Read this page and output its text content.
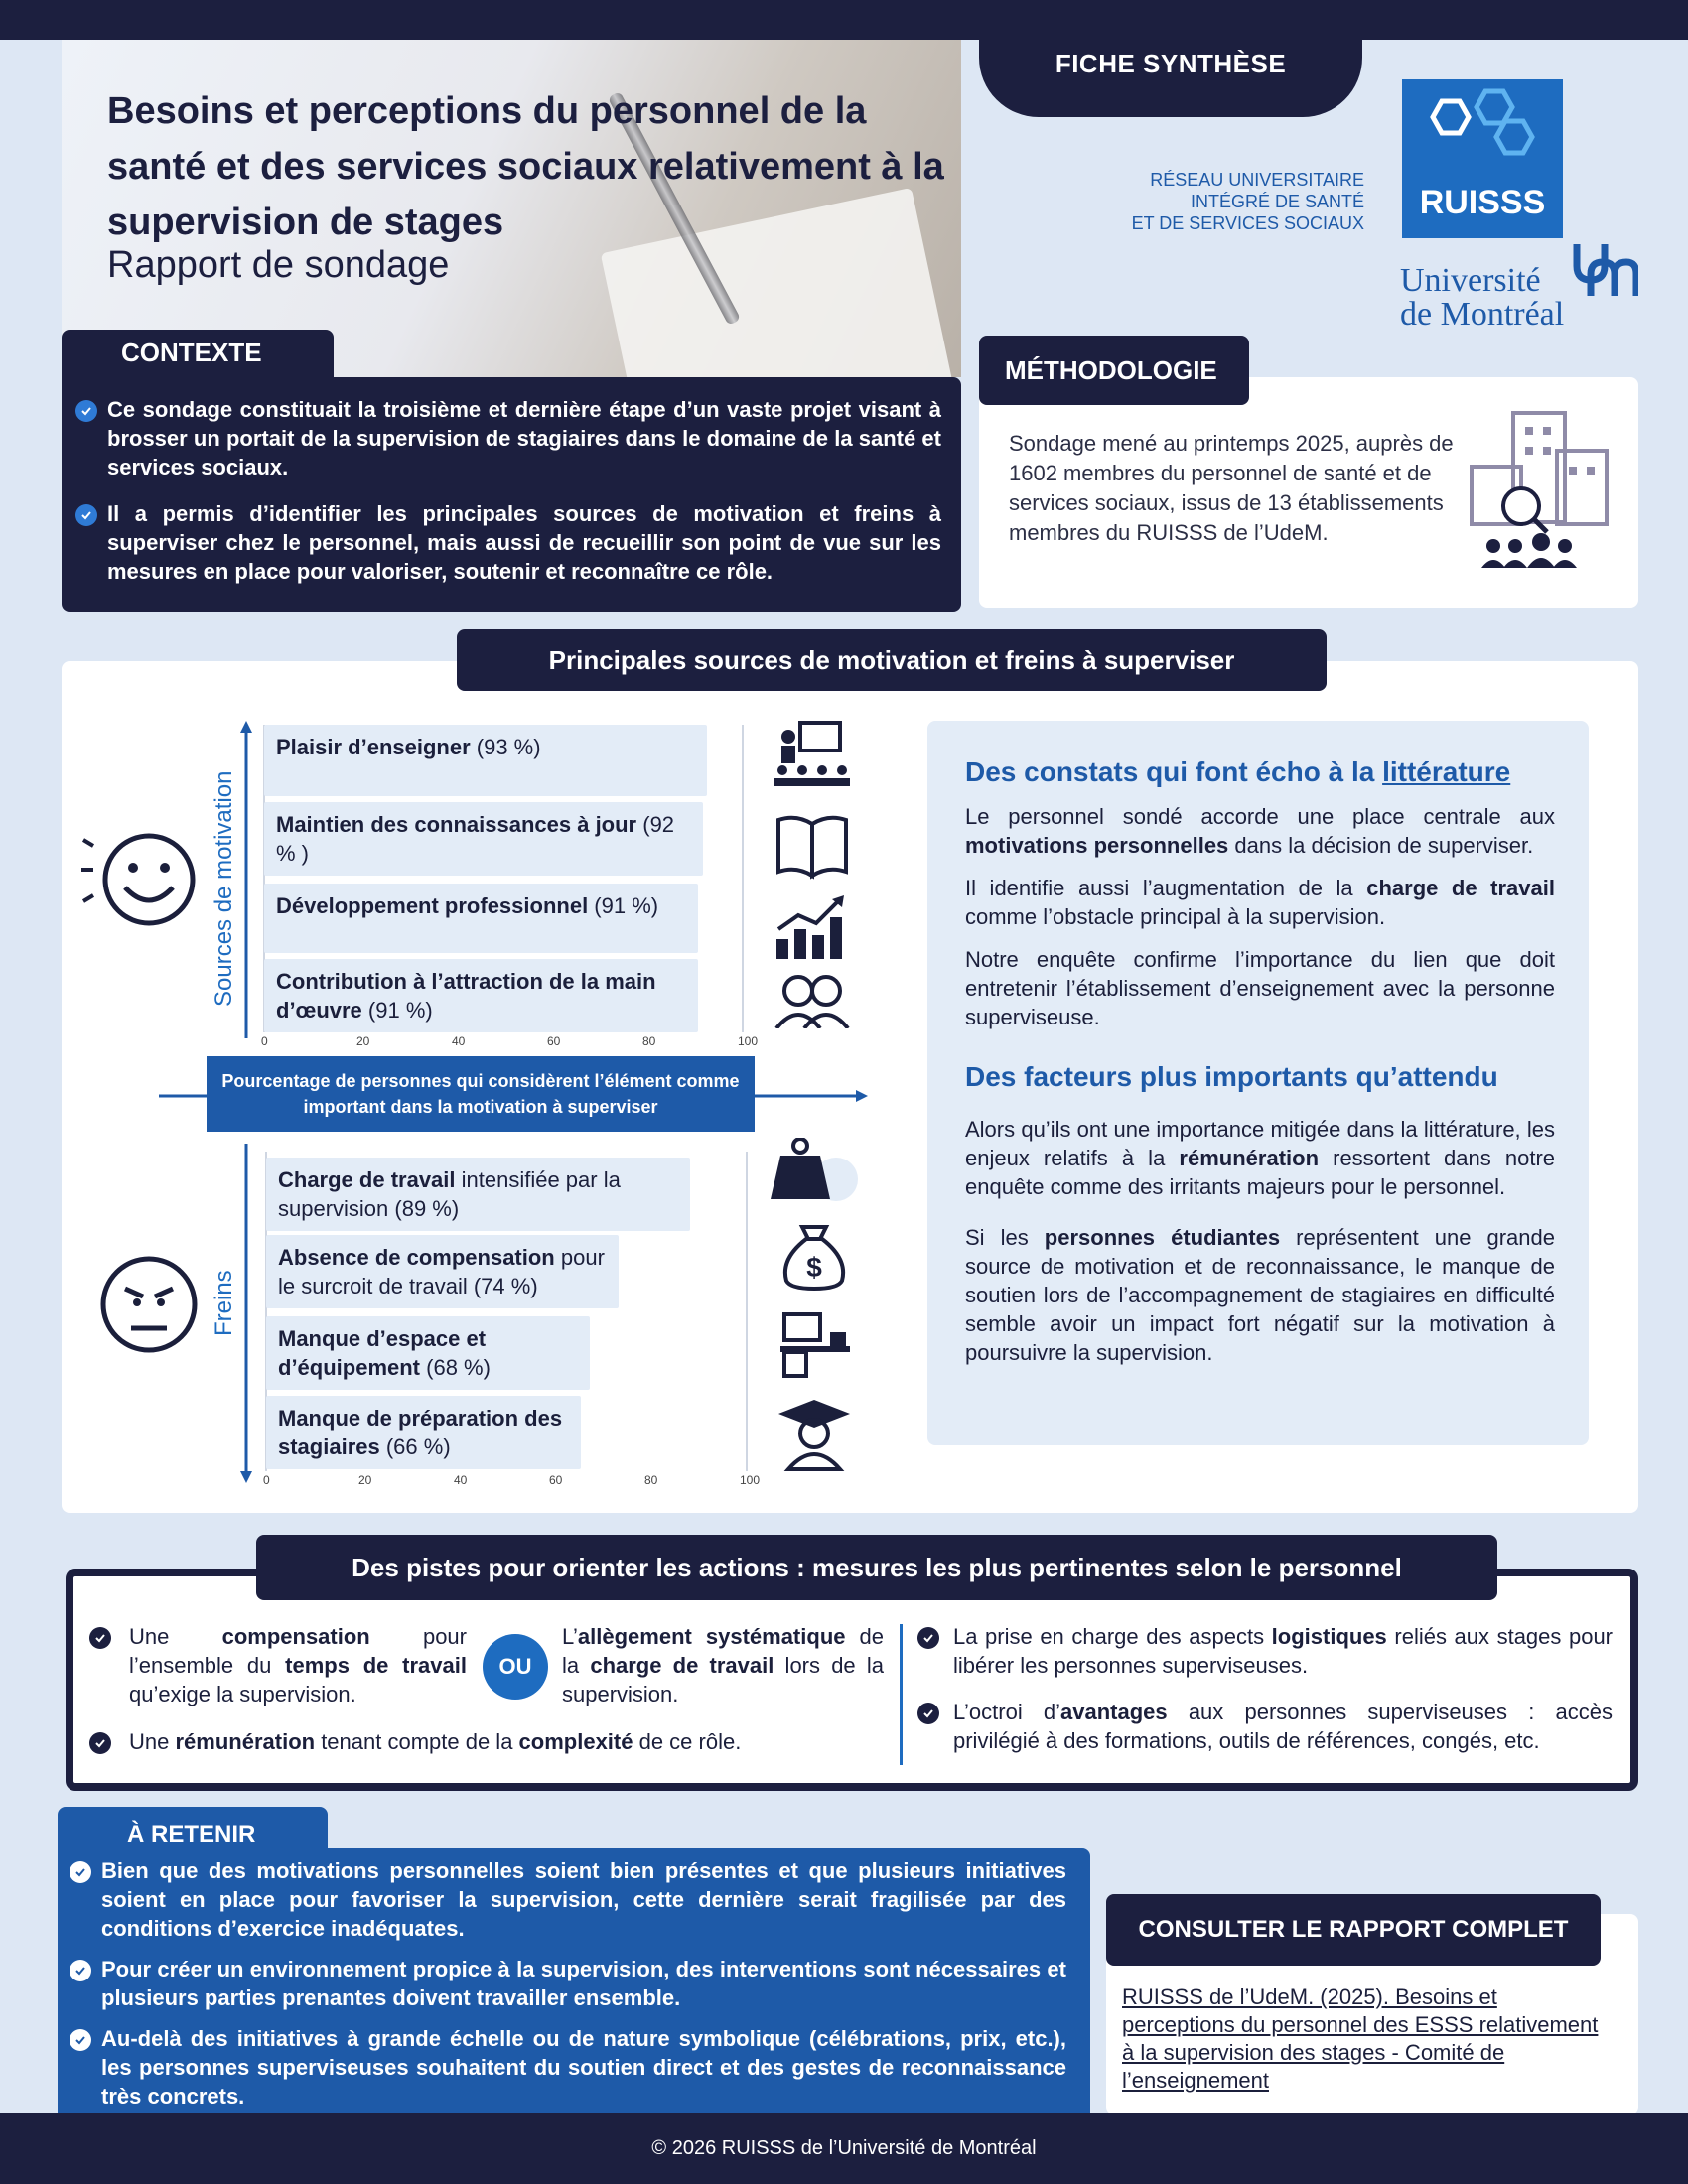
Besoins et perceptions du personnel de la santé et des services sociaux relativement à la supervision de stages
Rapport de sondage
FICHE SYNTHÈSE
RÉSEAU UNIVERSITAIRE
INTÉGRÉ DE SANTÉ
ET DE SERVICES SOCIAUX
RUISSS
Université
de Montréal
CONTEXTE
Ce sondage constituait la troisième et dernière étape d’un vaste projet visant à brosser un portait de la supervision de stagiaires dans le domaine de la santé et services sociaux.
Il a permis d’identifier les principales sources de motivation et freins à superviser chez le personnel, mais aussi de recueillir son point de vue sur les mesures en place pour valoriser, soutenir et reconnaître ce rôle.

Sondage mené au printemps 2025, auprès de 1602 membres du personnel de santé et de services sociaux, issus de 13 établissements membres du RUISSS de l’UdeM.

MÉTHODOLOGIE
Principales sources de motivation et freins à superviser
Sources de motivation
Freins
Plaisir d’enseigner (93 %)
Maintien des connaissances à jour (92 % )
Développement professionnel (91 %)
Contribution à l’attraction de la main d’œuvre (91 %)
Charge de travail intensifiée par la supervision (89 %)
Absence de compensation pour le surcroit de travail (74 %)
Manque d’espace et d’équipement (68 %)
Manque de préparation des stagiaires (66 %)
0	20	40	60	80	100
0	20	40	60	80	100
Pourcentage de personnes qui considèrent l’élément comme important dans la motivation à superviser
$
Des constats qui font écho à la littérature

Le personnel sondé accorde une place centrale aux motivations personnelles dans la décision de superviser.

Il identifie aussi l’augmentation de la charge de travail comme l’obstacle principal à la supervision.

Notre enquête confirme l’importance du lien que doit entretenir l’établissement d’enseignement avec la personne superviseuse.

Des facteurs plus importants qu’attendu

Alors qu’ils ont une importance mitigée dans la littérature, les enjeux relatifs à la rémunération ressortent dans notre enquête comme des irritants majeurs pour le personnel.

Si les personnes étudiantes représentent une grande source de motivation et de reconnaissance, le manque de soutien lors de l’accompagnement de stagiaires en difficulté semble avoir un impact fort négatif sur la motivation à poursuivre la supervision.

Des pistes pour orienter les actions : mesures les plus pertinentes selon le personnel
Une compensation pour l’ensemble du temps de travail qu’exige la supervision.
OU
L’allègement systématique de la charge de travail lors de la supervision.
Une rémunération tenant compte de la complexité de ce rôle.
La prise en charge des aspects logistiques reliés aux stages pour libérer les personnes superviseuses.
L’octroi d’avantages aux personnes superviseuses : accès privilégié à des formations, outils de références, congés, etc.
À RETENIR
Bien que des motivations personnelles soient bien présentes et que plusieurs initiatives soient en place pour favoriser la supervision, cette dernière serait fragilisée par des conditions d’exercice inadéquates.
Pour créer un environnement propice à la supervision, des interventions sont nécessaires et plusieurs parties prenantes doivent travailler ensemble.
Au-delà des initiatives à grande échelle ou de nature symbolique (célébrations, prix, etc.), les personnes superviseuses souhaitent du soutien direct et des gestes de reconnaissance très concrets.
RUISSS de l’UdeM. (2025). Besoins et perceptions du personnel des ESSS relativement à la supervision des stages - Comité de l’enseignement
CONSULTER LE RAPPORT COMPLET
© 2026 RUISSS de l’Université de Montréal
